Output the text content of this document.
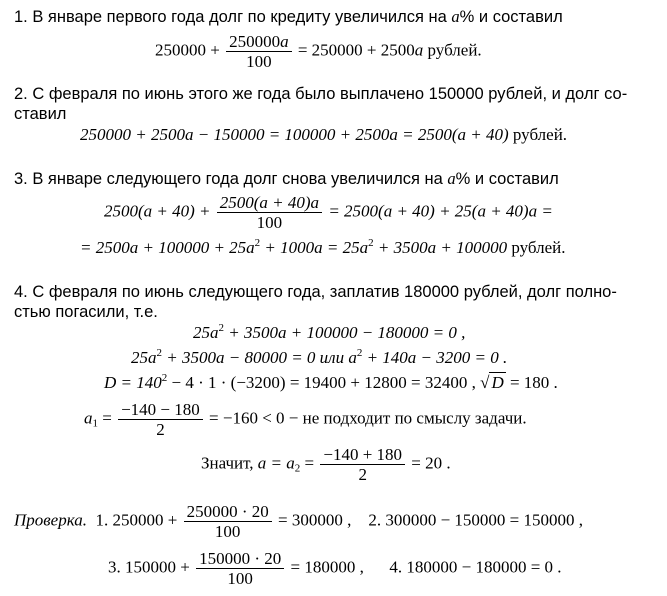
1. В январе первого года долг по кредиту увеличился на a% и составил
$250000 + \frac{250000a}{100} = 250000 + 2500a$ рублей.
2. С февраля по июнь этого же года было выплачено 150000 рублей, и долг со-
ставил
250000 + 2500a − 150000 = 100000 + 2500a = 2500(a + 40) рублей.
3. В январе следующего года долг снова увеличился на a% и составил
$2500(a + 40) + \frac{2500(a + 40)a}{100} = 2500(a + 40) + 25(a + 40)a$ =
= $2500a + 100000 + 25a^2 + 1000a = 25a^2 + 3500a + 100000$ рублей.
4. С февраля по июнь следующего года, заплатив 180000 рублей, долг полно-
стью погасили, т.е.
$25a^2 + 3500a + 100000 - 180000 = 0$ ,
$25a^2 + 3500a - 80000 = 0$ или $a^2 + 140a - 3200 = 0$ .
$D = 140^2 - 4 \cdot 1 \cdot (-3200) = 19400 + 12800 = 32400$ , √ D = 180 .
$a_1 = \frac{-140 - 180}{2} = -160 < 0$ − не подходит по смыслу задачи.
Значит, $a = a_2 = \frac{-140 + 180}{2} = 20$ .
Проверка. 1. $250000 + \frac{250000 \cdot 20}{100} = 300000$ , 2. 300000 − 150000 = 150000 ,
3. $150000 + \frac{150000 \cdot 20}{100} = 180000$ , 4. 180000 − 180000 = 0 .
